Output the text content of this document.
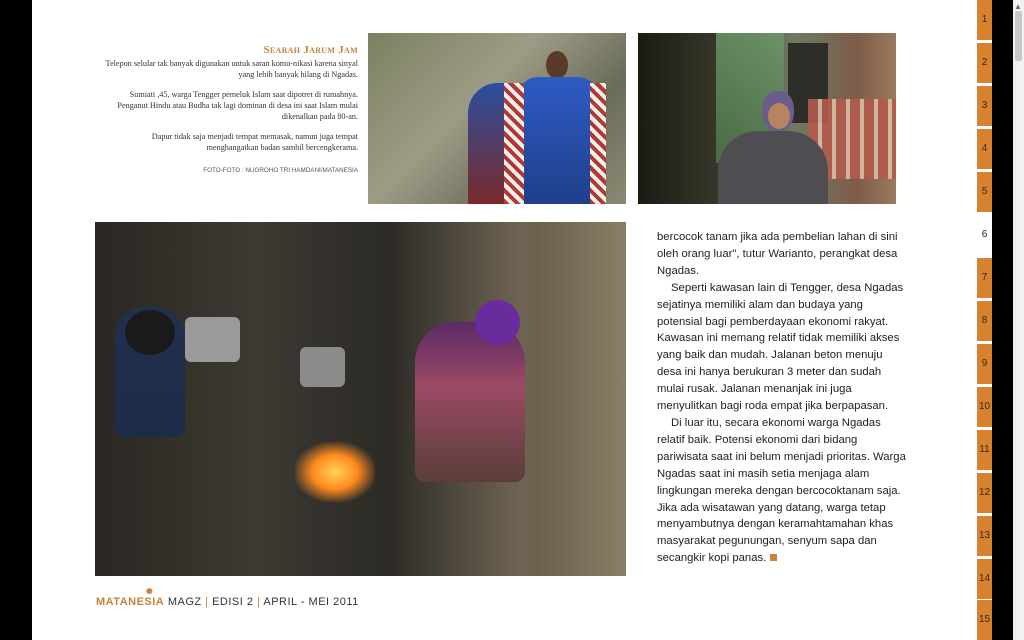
Searah Jarum Jam

Telepon selular tak banyak digunakan untuk saran komu-nikasi karena sinyal yang lebih banyak hilang di Ngadas.

Sumiati ,45, warga Tengger pemeluk Islam saat dipotret di rumahnya. Penganut Hindu atau Budha tak lagi dominan di desa ini saat Islam mulai dikenalkan pada 80-an.

Dapur tidak saja menjadi tempat memasak, namun juga tempat menghangatkan badan sambil bercengkerama.

FOTO-FOTO : NUGROHO TRI HAMDANI/MATANESIA

bercocok tanam jika ada pembelian lahan di sini oleh orang luar", tutur Warianto, perangkat desa Ngadas.

Seperti kawasan lain di Tengger, desa Ngadas sejatinya memiliki alam dan budaya yang potensial bagi pemberdayaan ekonomi rakyat. Kawasan ini memang relatif tidak memiliki akses yang baik dan mudah. Jalanan beton menuju desa ini hanya berukuran 3 meter dan sudah mulai rusak. Jalanan menanjak ini juga menyulitkan bagi roda empat jika berpapasan.

Di luar itu, secara ekonomi warga Ngadas relatif baik. Potensi ekonomi dari bidang pariwisata saat ini belum menjadi prioritas. Warga Ngadas saat ini masih setia menjaga alam lingkungan mereka dengan bercocoktanam saja. Jika ada wisatawan yang datang, warga tetap menyambutnya dengan keramahtamahan khas masyarakat pegunungan, senyum sapa dan secangkir kopi panas.

✺
MATANESIA MAGZ | EDISI 2 | APRIL - MEI 2011
1
2
3
4
5
6
7
8
9
10
11
12
13
14
15
▲
